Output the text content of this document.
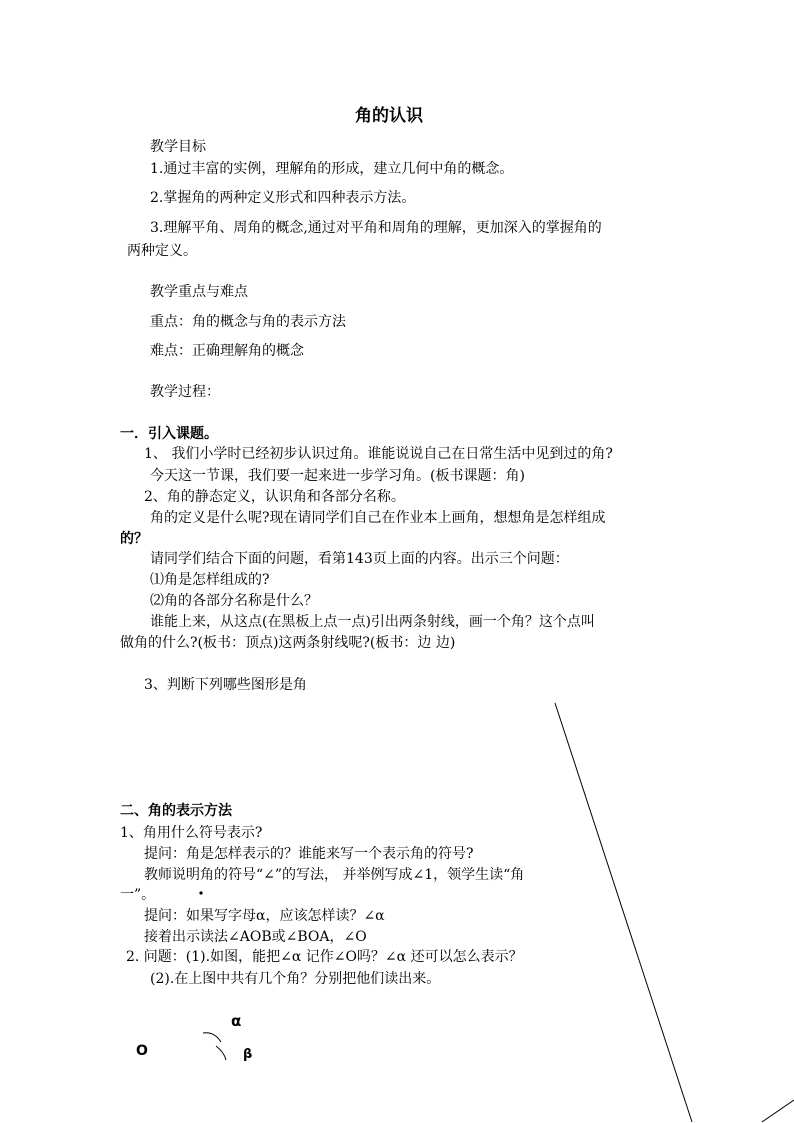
角的认识
教学目标
1.通过丰富的实例，理解角的形成，建立几何中角的概念。
2.掌握角的两种定义形式和四种表示方法。
3.理解平角、周角的概念,通过对平角和周角的理解，更加深入的掌握角的
两种定义。
教学重点与难点
重点：角的概念与角的表示方法
难点：正确理解角的概念
教学过程：
一．引入课题。
1、 我们小学时已经初步认识过角。谁能说说自己在日常生活中见到过的角?
今天这一节课，我们要一起来进一步学习角。(板书课题：角)
2、角的静态定义，认识角和各部分名称。
角的定义是什么呢?现在请同学们自己在作业本上画角，想想角是怎样组成
的？
请同学们结合下面的问题，看第143页上面的内容。出示三个问题：
⑴角是怎样组成的?
⑵角的各部分名称是什么？
谁能上来，从这点(在黑板上点一点)引出两条射线，画一个角？这个点叫
做角的什么?(板书：顶点)这两条射线呢?(板书：边 边)
3、判断下列哪些图形是角
二、角的表示方法
1、角用什么符号表示?
提问：角是怎样表示的？谁能来写一个表示角的符号?
教师说明角的符号“∠”的写法， 并举例写成∠1，领学生读“角
一”。
提问：如果写字母α，应该怎样读？∠α
接着出示读法∠AOB或∠BOA，∠O
2. 问题：(1).如图，能把∠α 记作∠O吗？∠α 还可以怎么表示？
(2).在上图中共有几个角？分别把他们读出来。
O
α
β
